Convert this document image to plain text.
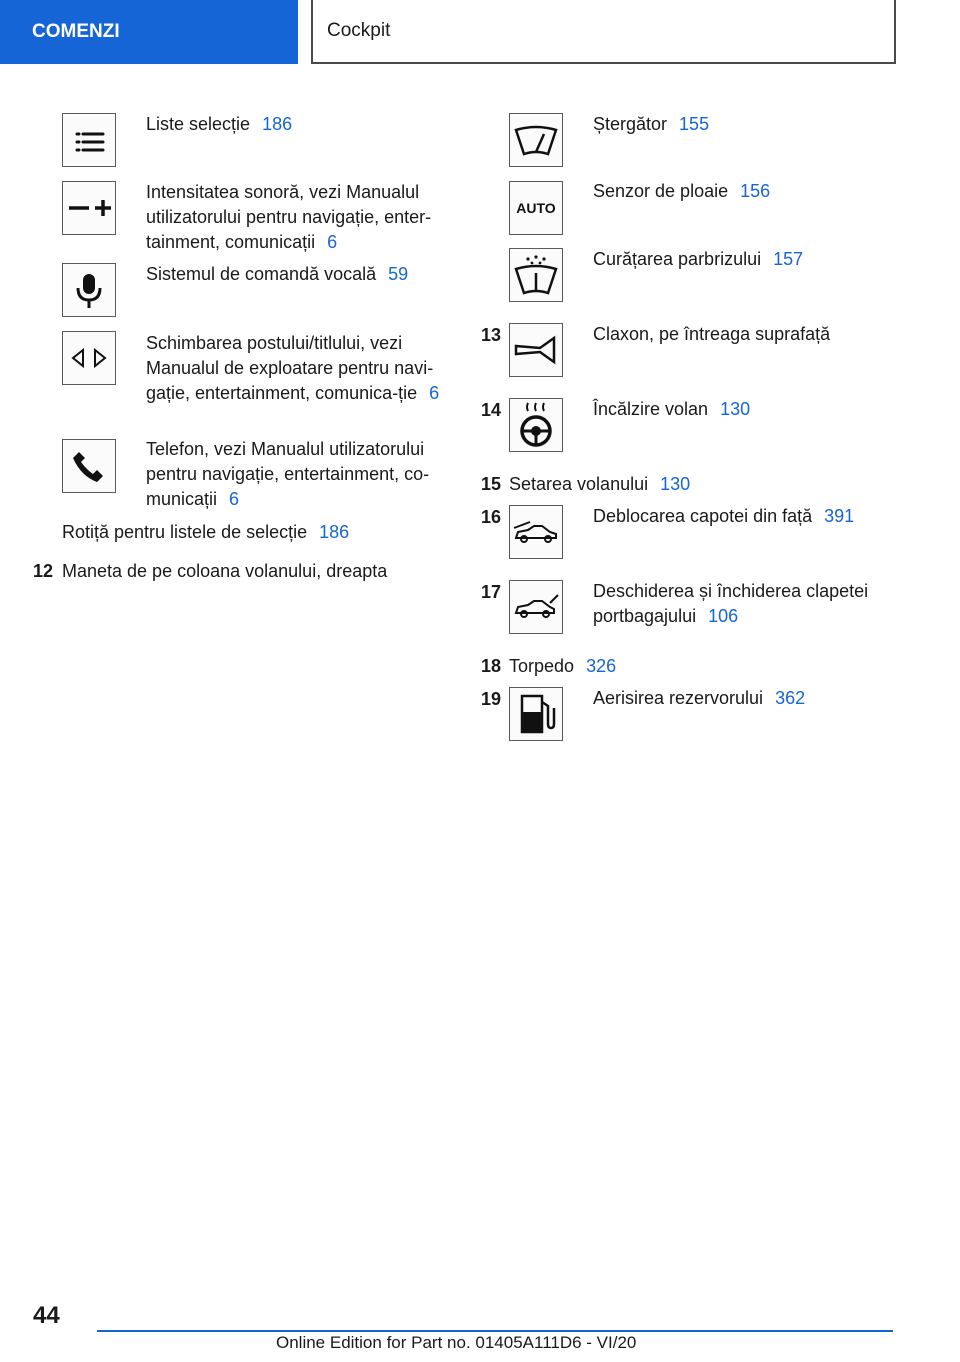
COMENZI	Cockpit
Liste selecție 186
Intensitatea sonoră, vezi Manualul utilizatorului pentru navigație, enter-tainment, comunicații 6
Sistemul de comandă vocală 59
Schimbarea postului/titlului, vezi Manualul de exploatare pentru navi-gație, entertainment, comunica-ție 6
Telefon, vezi Manualul utilizatorului pentru navigație, entertainment, co-municații 6
Rotiță pentru listele de selecție 186
12 Maneta de pe coloana volanului, dreapta
Ștergător 155
AUTO
Senzor de ploaie 156
Curățarea parbrizului 157
13	Claxon, pe întreaga suprafață
14	Încălzire volan 130
15 Setarea volanului 130
16	Deblocarea capotei din față 391
17	Deschiderea și închiderea clapetei portbagajului 106
18 Torpedo 326
19	Aerisirea rezervorului 362
44
Online Edition for Part no. 01405A111D6 - VI/20
